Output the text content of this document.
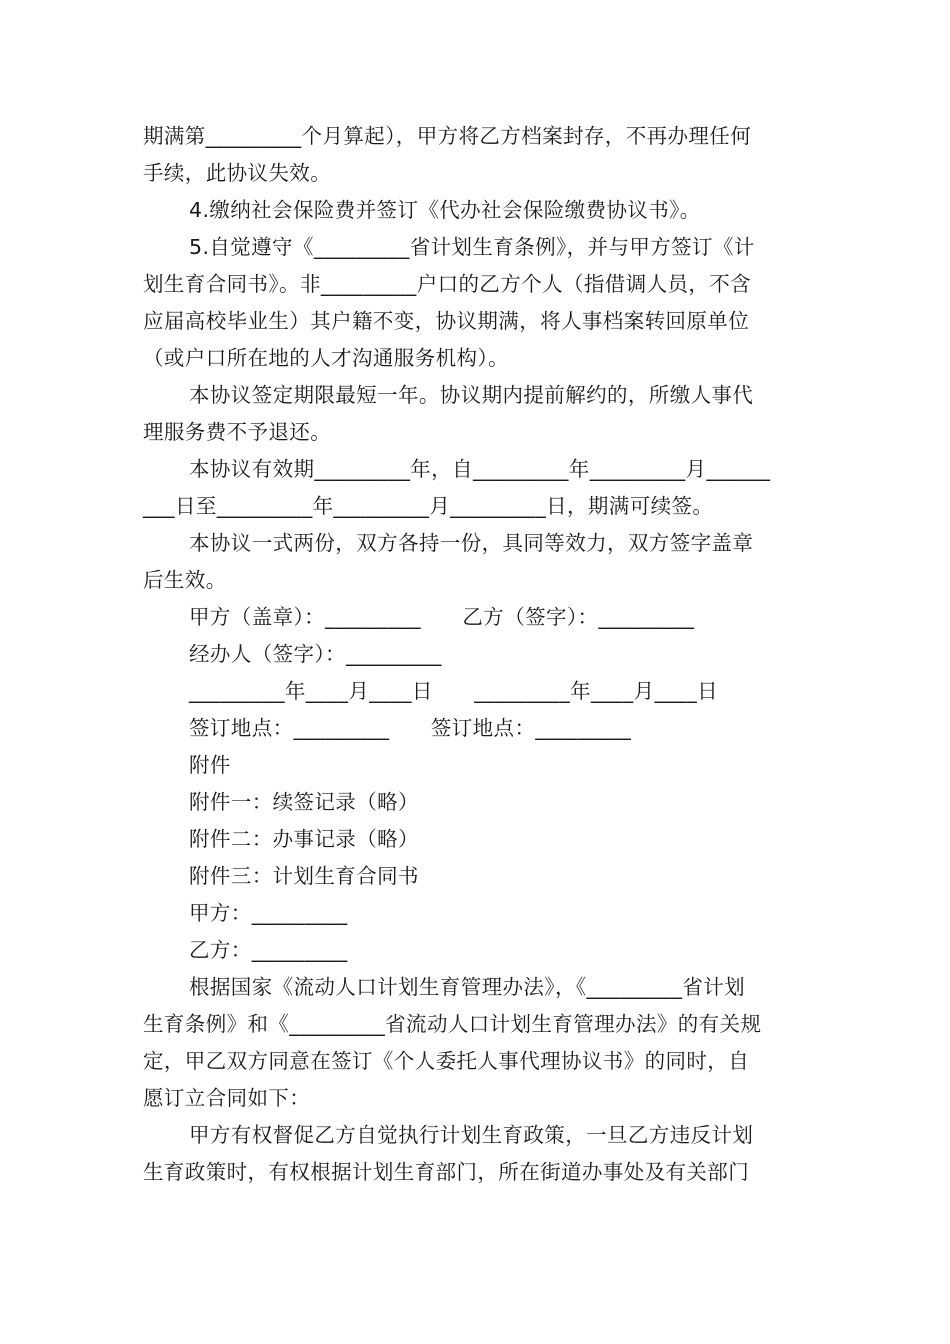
期满第_________个月算起），甲方将乙方档案封存，不再办理任何
手续，此协议失效。
4.缴纳社会保险费并签订《代办社会保险缴费协议书》。
5.自觉遵守《_________省计划生育条例》，并与甲方签订《计
划生育合同书》。非_________户口的乙方个人（指借调人员，不含
应届高校毕业生）其户籍不变，协议期满，将人事档案转回原单位
（或户口所在地的人才沟通服务机构）。
本协议签定期限最短一年。协议期内提前解约的，所缴人事代
理服务费不予退还。
本协议有效期_________年，自_________年_________月______
___日至_________年_________月_________日，期满可续签。
本协议一式两份，双方各持一份，具同等效力，双方签字盖章
后生效。
甲方（盖章）：_________      乙方（签字）：_________
经办人（签字）：_________
_________年____月____日      _________年____月____日
签订地点：_________      签订地点：_________
附件
附件一：续签记录（略）
附件二：办事记录（略）
附件三：计划生育合同书
甲方：_________
乙方：_________
根据国家《流动人口计划生育管理办法》，《_________省计划
生育条例》和《_________省流动人口计划生育管理办法》的有关规
定，甲乙双方同意在签订《个人委托人事代理协议书》的同时，自
愿订立合同如下：
甲方有权督促乙方自觉执行计划生育政策，一旦乙方违反计划
生育政策时，有权根据计划生育部门，所在街道办事处及有关部门
